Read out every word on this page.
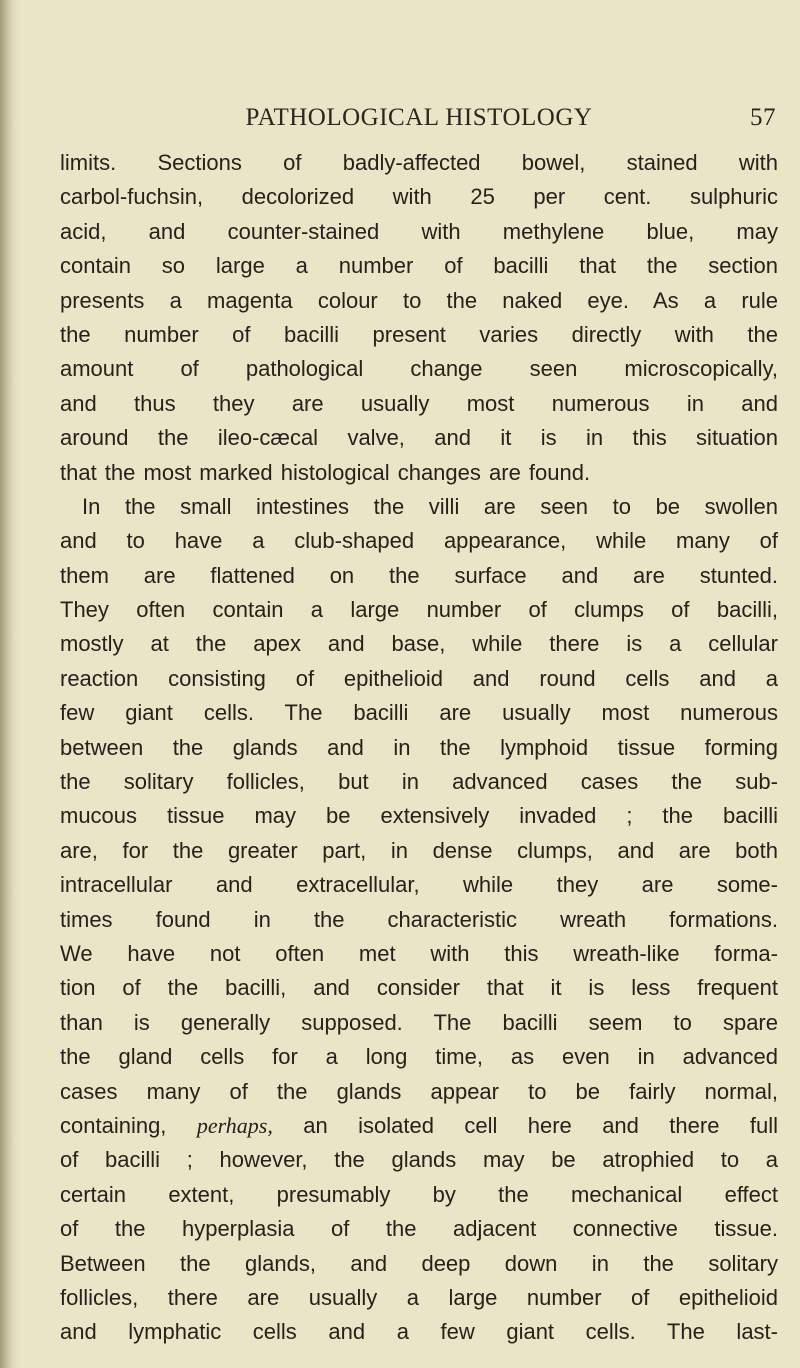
PATHOLOGICAL HISTOLOGY	57
limits. Sections of badly-affected bowel, stained with
carbol-fuchsin, decolorized with 25 per cent. sulphuric
acid, and counter-stained with methylene blue, may
contain so large a number of bacilli that the section
presents a magenta colour to the naked eye. As a rule
the number of bacilli present varies directly with the
amount of pathological change seen microscopically,
and thus they are usually most numerous in and
around the ileo-cæcal valve, and it is in this situation
that the most marked histological changes are found.
In the small intestines the villi are seen to be swollen
and to have a club-shaped appearance, while many of
them are flattened on the surface and are stunted.
They often contain a large number of clumps of bacilli,
mostly at the apex and base, while there is a cellular
reaction consisting of epithelioid and round cells and a
few giant cells. The bacilli are usually most numerous
between the glands and in the lymphoid tissue forming
the solitary follicles, but in advanced cases the sub-
mucous tissue may be extensively invaded ; the bacilli
are, for the greater part, in dense clumps, and are both
intracellular and extracellular, while they are some-
times found in the characteristic wreath formations.
We have not often met with this wreath-like forma-
tion of the bacilli, and consider that it is less frequent
than is generally supposed. The bacilli seem to spare
the gland cells for a long time, as even in advanced
cases many of the glands appear to be fairly normal,
containing, perhaps, an isolated cell here and there full
of bacilli ; however, the glands may be atrophied to a
certain extent, presumably by the mechanical effect
of the hyperplasia of the adjacent connective tissue.
Between the glands, and deep down in the solitary
follicles, there are usually a large number of epithelioid
and lymphatic cells and a few giant cells. The last-
